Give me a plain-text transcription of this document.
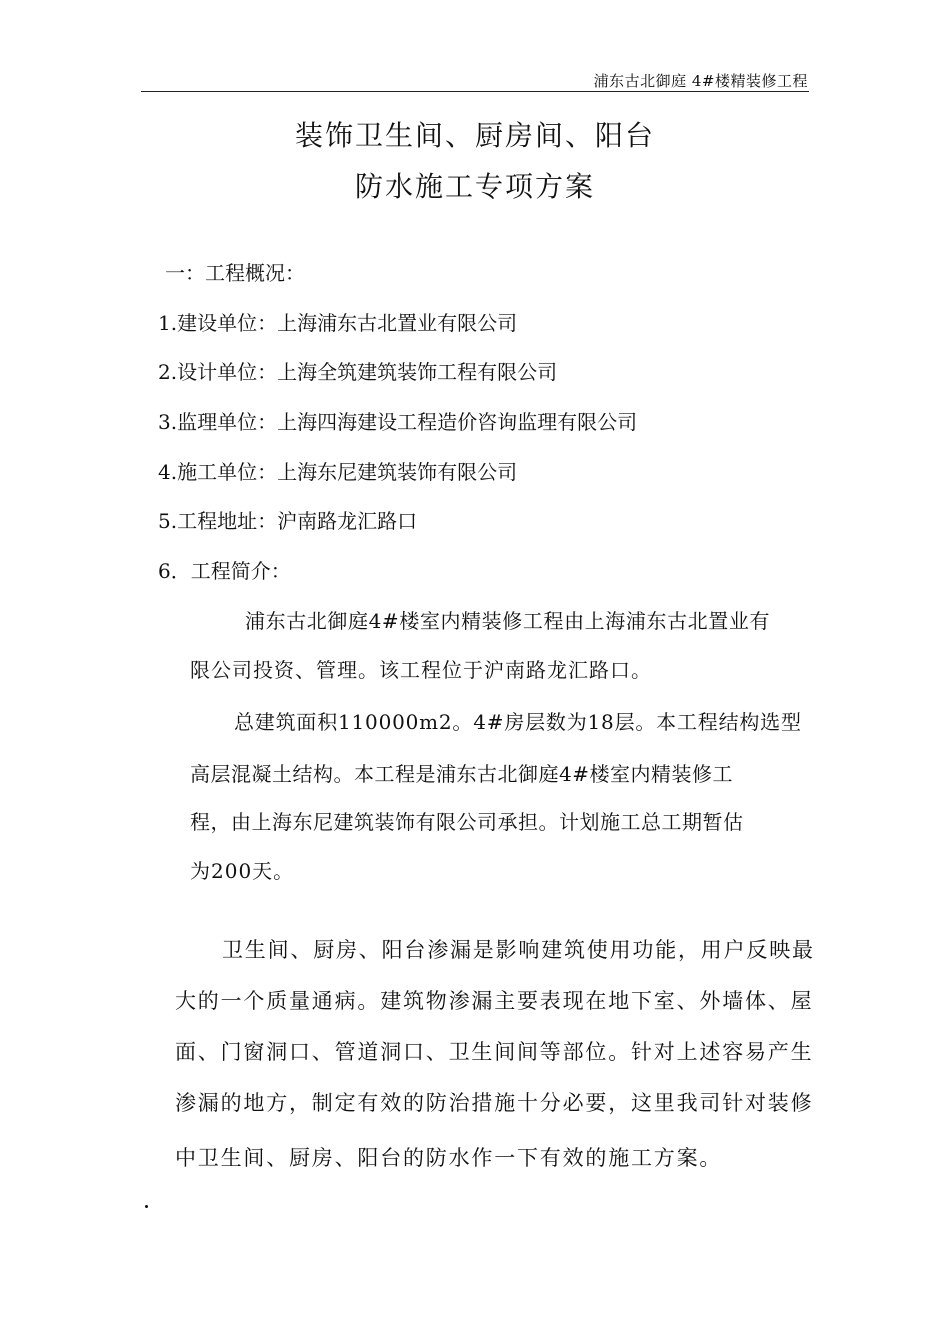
浦东古北御庭 4#楼精装修工程
装饰卫生间、厨房间、阳台
防水施工专项方案
一：工程概况：
1.建设单位：上海浦东古北置业有限公司
2.设计单位：上海全筑建筑装饰工程有限公司
3.监理单位：上海四海建设工程造价咨询监理有限公司
4.施工单位：上海东尼建筑装饰有限公司
5.工程地址：沪南路龙汇路口
6．工程简介：
浦东古北御庭4#楼室内精装修工程由上海浦东古北置业有
限公司投资、管理。该工程位于沪南路龙汇路口。
总建筑面积110000m2。4#房层数为18层。本工程结构选型
高层混凝土结构。本工程是浦东古北御庭4#楼室内精装修工
程，由上海东尼建筑装饰有限公司承担。计划施工总工期暂估
为200天。
卫生间、厨房、阳台渗漏是影响建筑使用功能，用户反映最
大的一个质量通病。建筑物渗漏主要表现在地下室、外墙体、屋
面、门窗洞口、管道洞口、卫生间间等部位。针对上述容易产生
渗漏的地方，制定有效的防治措施十分必要，这里我司针对装修
中卫生间、厨房、阳台的防水作一下有效的施工方案。
